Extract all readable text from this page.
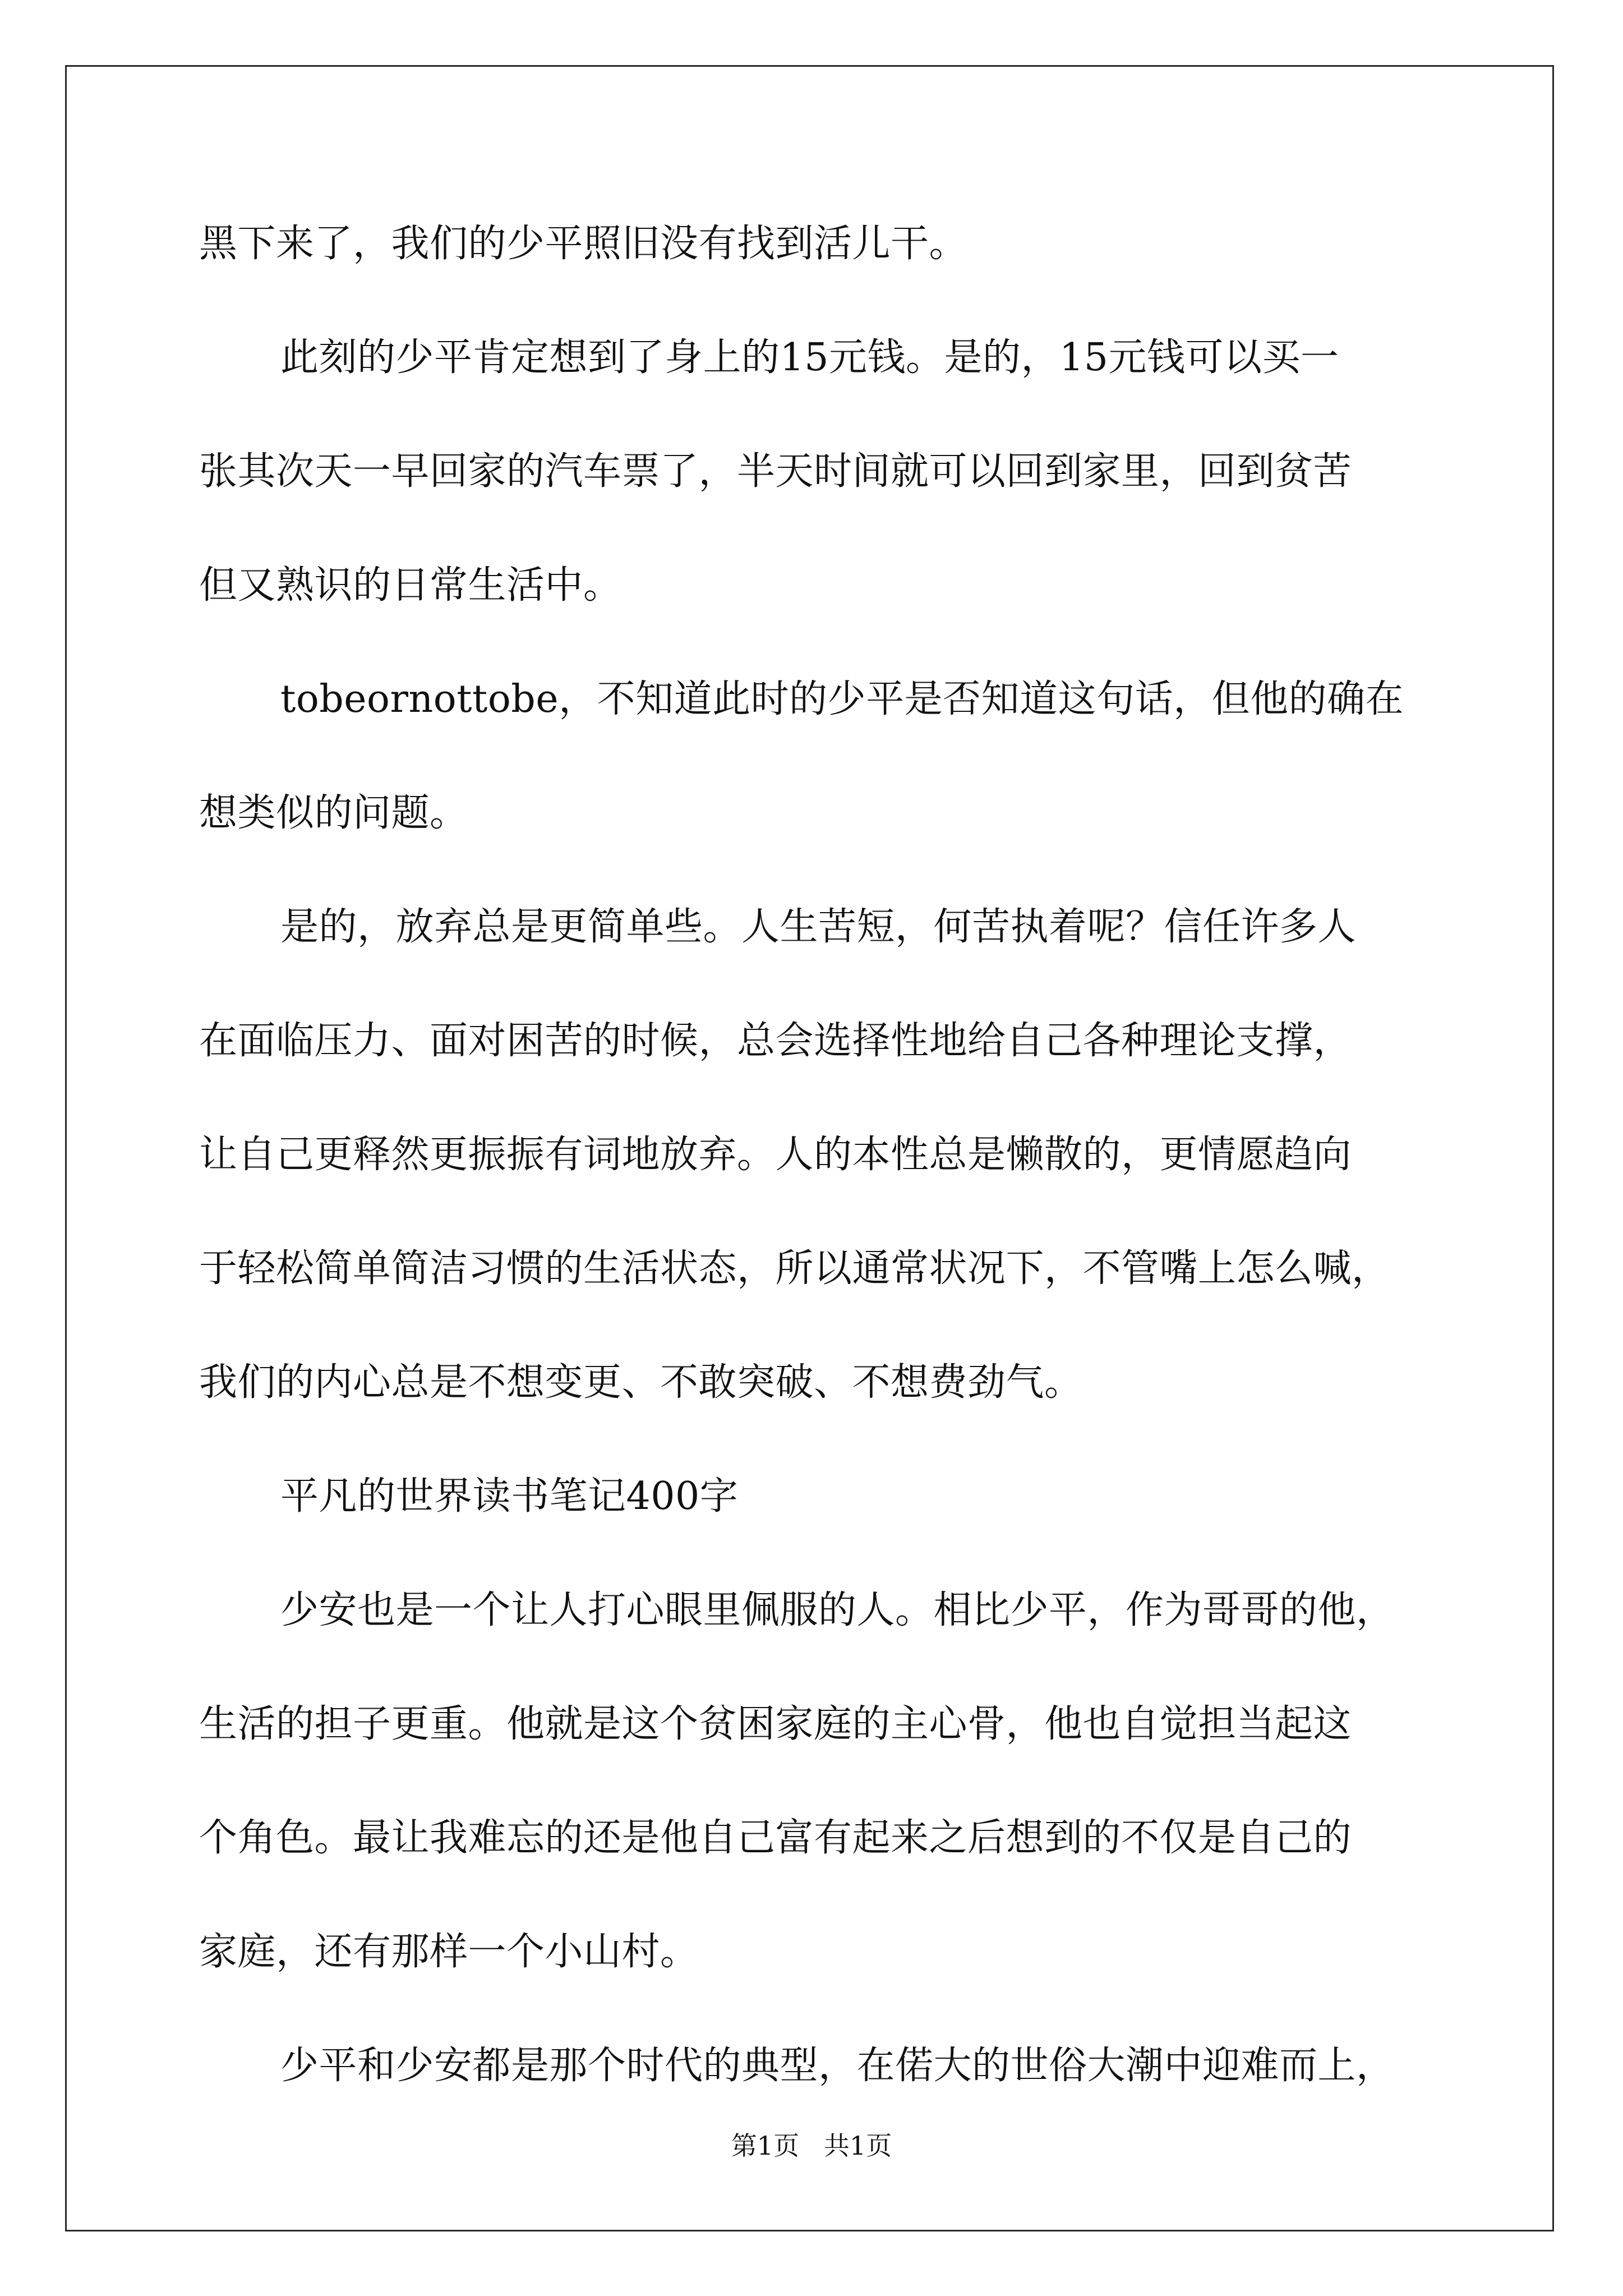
黑下来了，我们的少平照旧没有找到活儿干。
此刻的少平肯定想到了身上的15元钱。是的，15元钱可以买一
张其次天一早回家的汽车票了，半天时间就可以回到家里，回到贫苦
但又熟识的日常生活中。
tobeornottobe，不知道此时的少平是否知道这句话，但他的确在
想类似的问题。
是的，放弃总是更简单些。人生苦短，何苦执着呢？信任许多人
在面临压力、面对困苦的时候，总会选择性地给自己各种理论支撑，
让自己更释然更振振有词地放弃。人的本性总是懒散的，更情愿趋向
于轻松简单简洁习惯的生活状态，所以通常状况下，不管嘴上怎么喊，
我们的内心总是不想变更、不敢突破、不想费劲气。
平凡的世界读书笔记400字
少安也是一个让人打心眼里佩服的人。相比少平，作为哥哥的他，
生活的担子更重。他就是这个贫困家庭的主心骨，他也自觉担当起这
个角色。最让我难忘的还是他自己富有起来之后想到的不仅是自己的
家庭，还有那样一个小山村。
少平和少安都是那个时代的典型，在偌大的世俗大潮中迎难而上，
第1页   共1页
